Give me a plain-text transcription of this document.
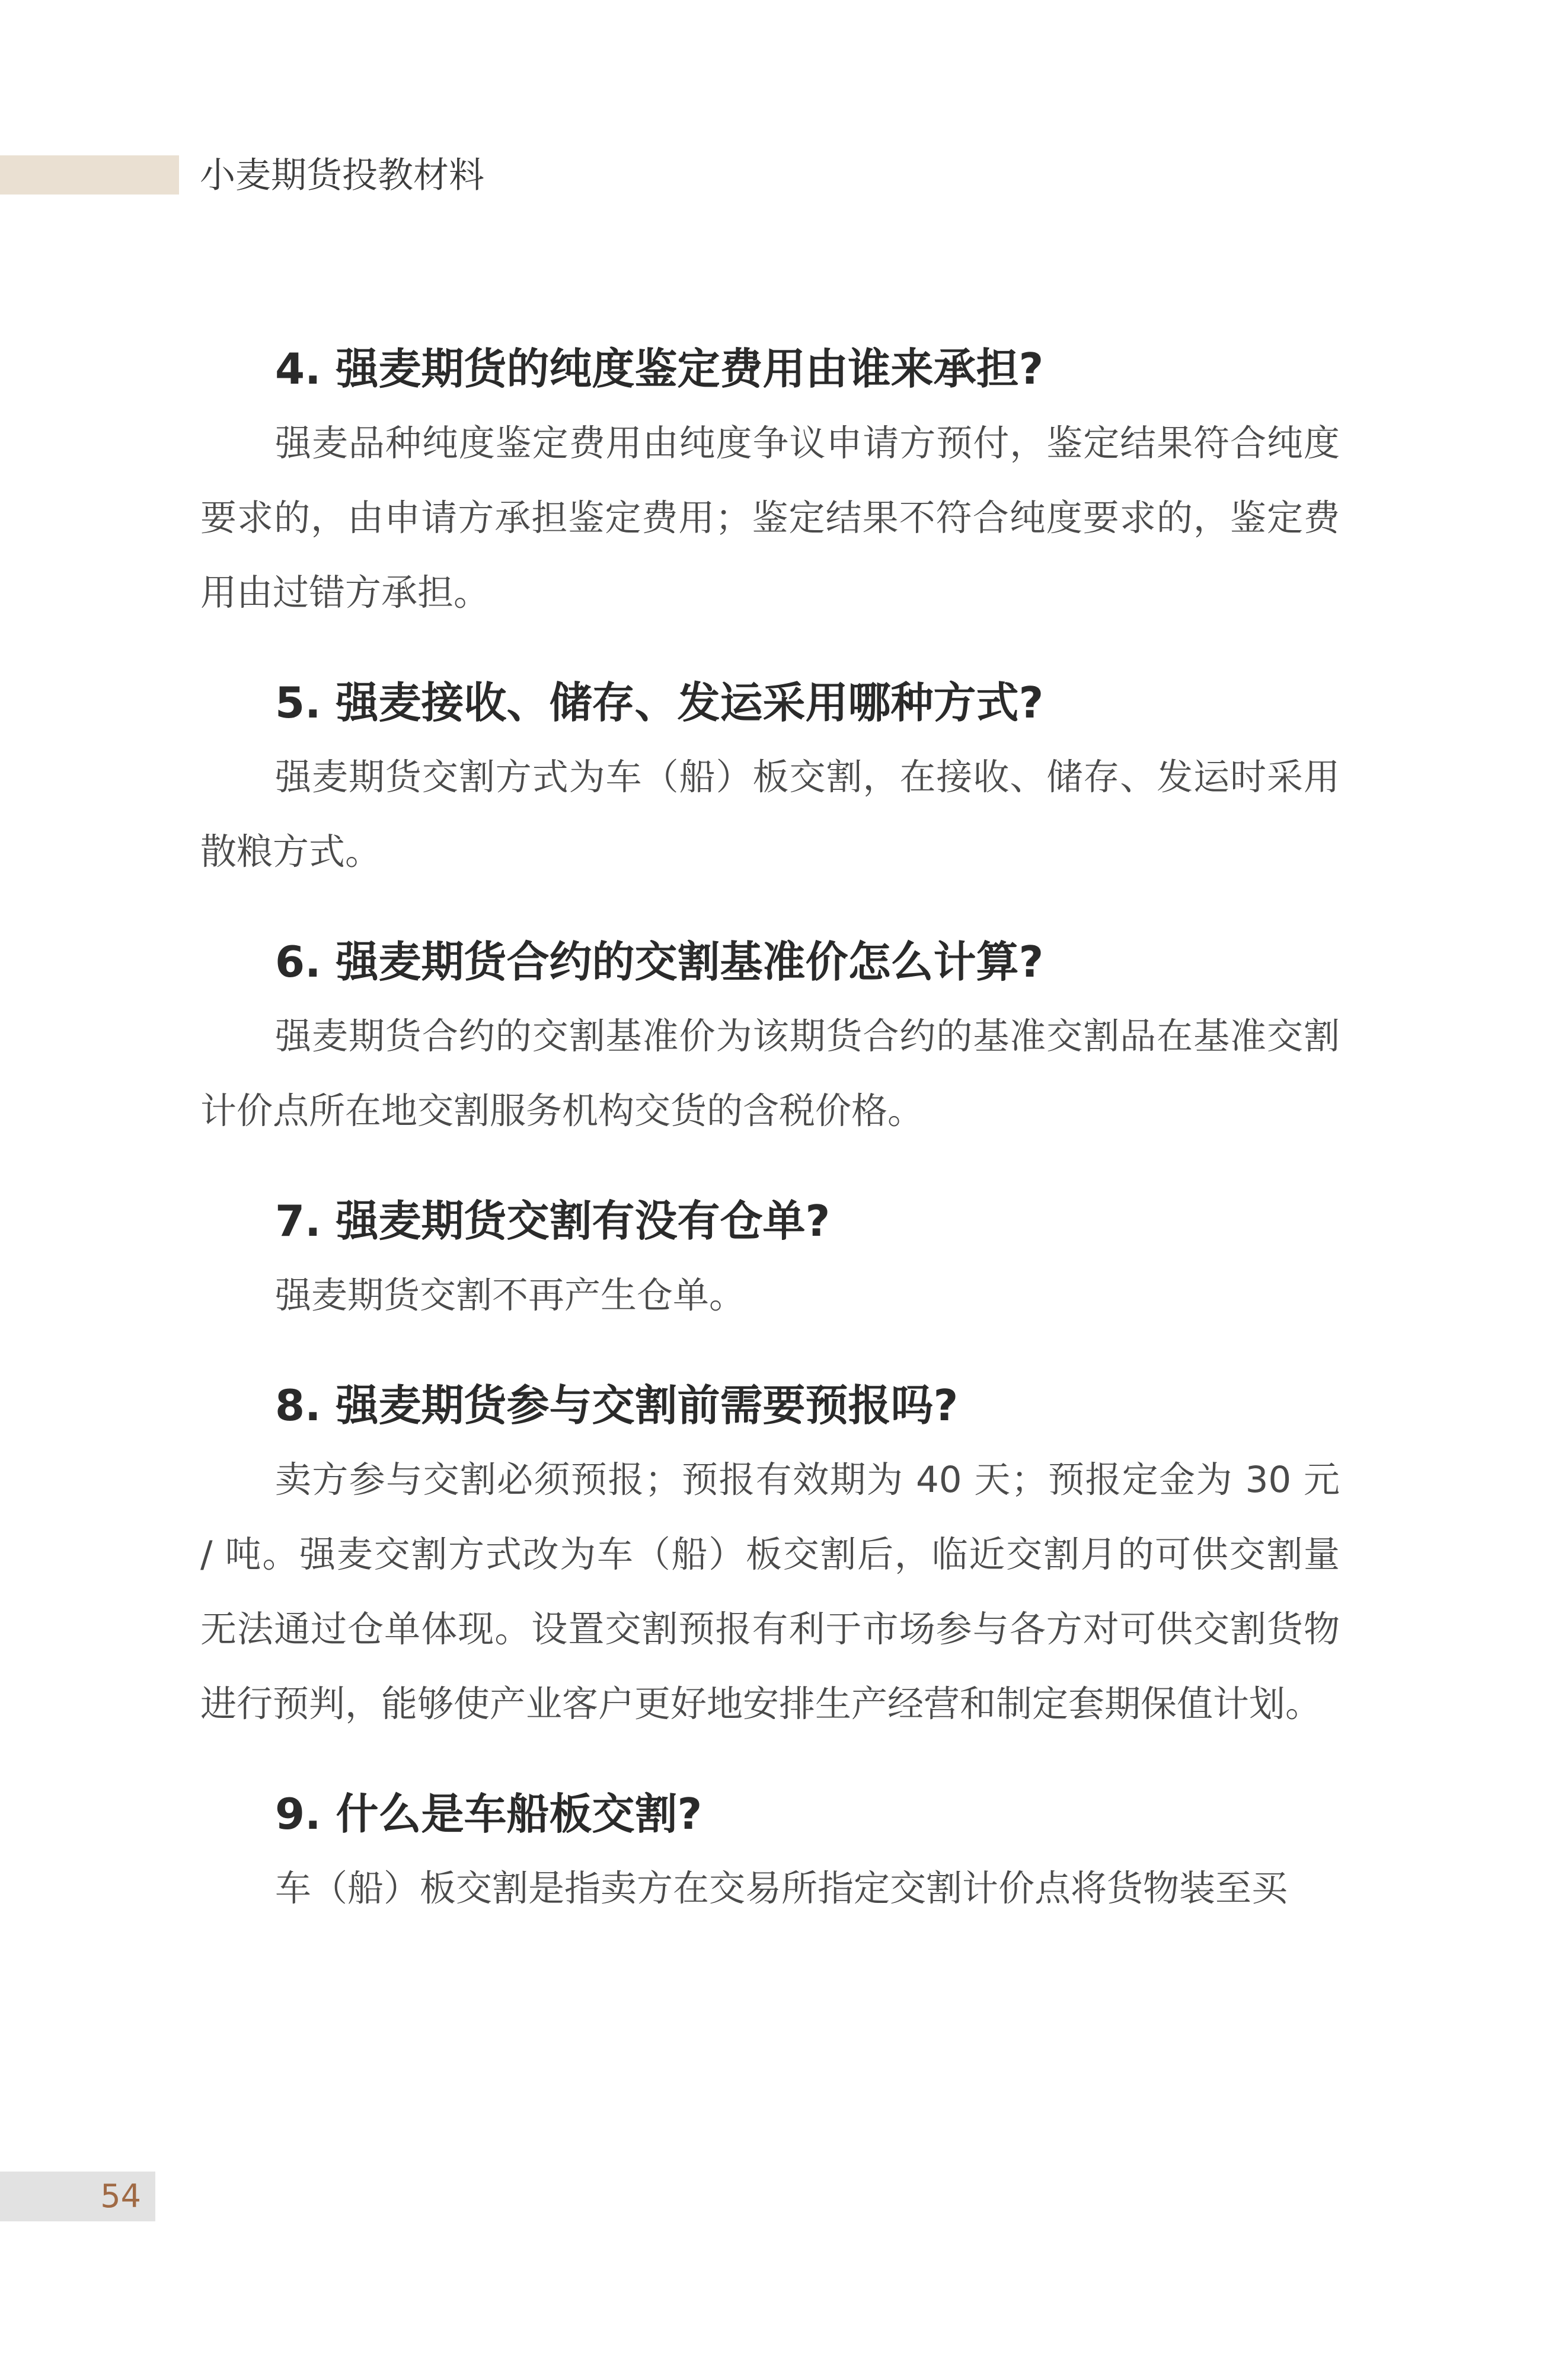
小麦期货投教材料
4. 强麦期货的纯度鉴定费用由谁来承担?

强麦品种纯度鉴定费用由纯度争议申请方预付，鉴定结果符合纯度要求的，由申请方承担鉴定费用；鉴定结果不符合纯度要求的，鉴定费用由过错方承担。

5. 强麦接收、储存、发运采用哪种方式?

强麦期货交割方式为车（船）板交割，在接收、储存、发运时采用散粮方式。

6. 强麦期货合约的交割基准价怎么计算?

强麦期货合约的交割基准价为该期货合约的基准交割品在基准交割计价点所在地交割服务机构交货的含税价格。

7. 强麦期货交割有没有仓单?

强麦期货交割不再产生仓单。

8. 强麦期货参与交割前需要预报吗?

卖方参与交割必须预报；预报有效期为 40 天；预报定金为 30 元 / 吨。强麦交割方式改为车（船）板交割后，临近交割月的可供交割量无法通过仓单体现。设置交割预报有利于市场参与各方对可供交割货物进行预判，能够使产业客户更好地安排生产经营和制定套期保值计划。

9. 什么是车船板交割?

车（船）板交割是指卖方在交易所指定交割计价点将货物装至买

54
